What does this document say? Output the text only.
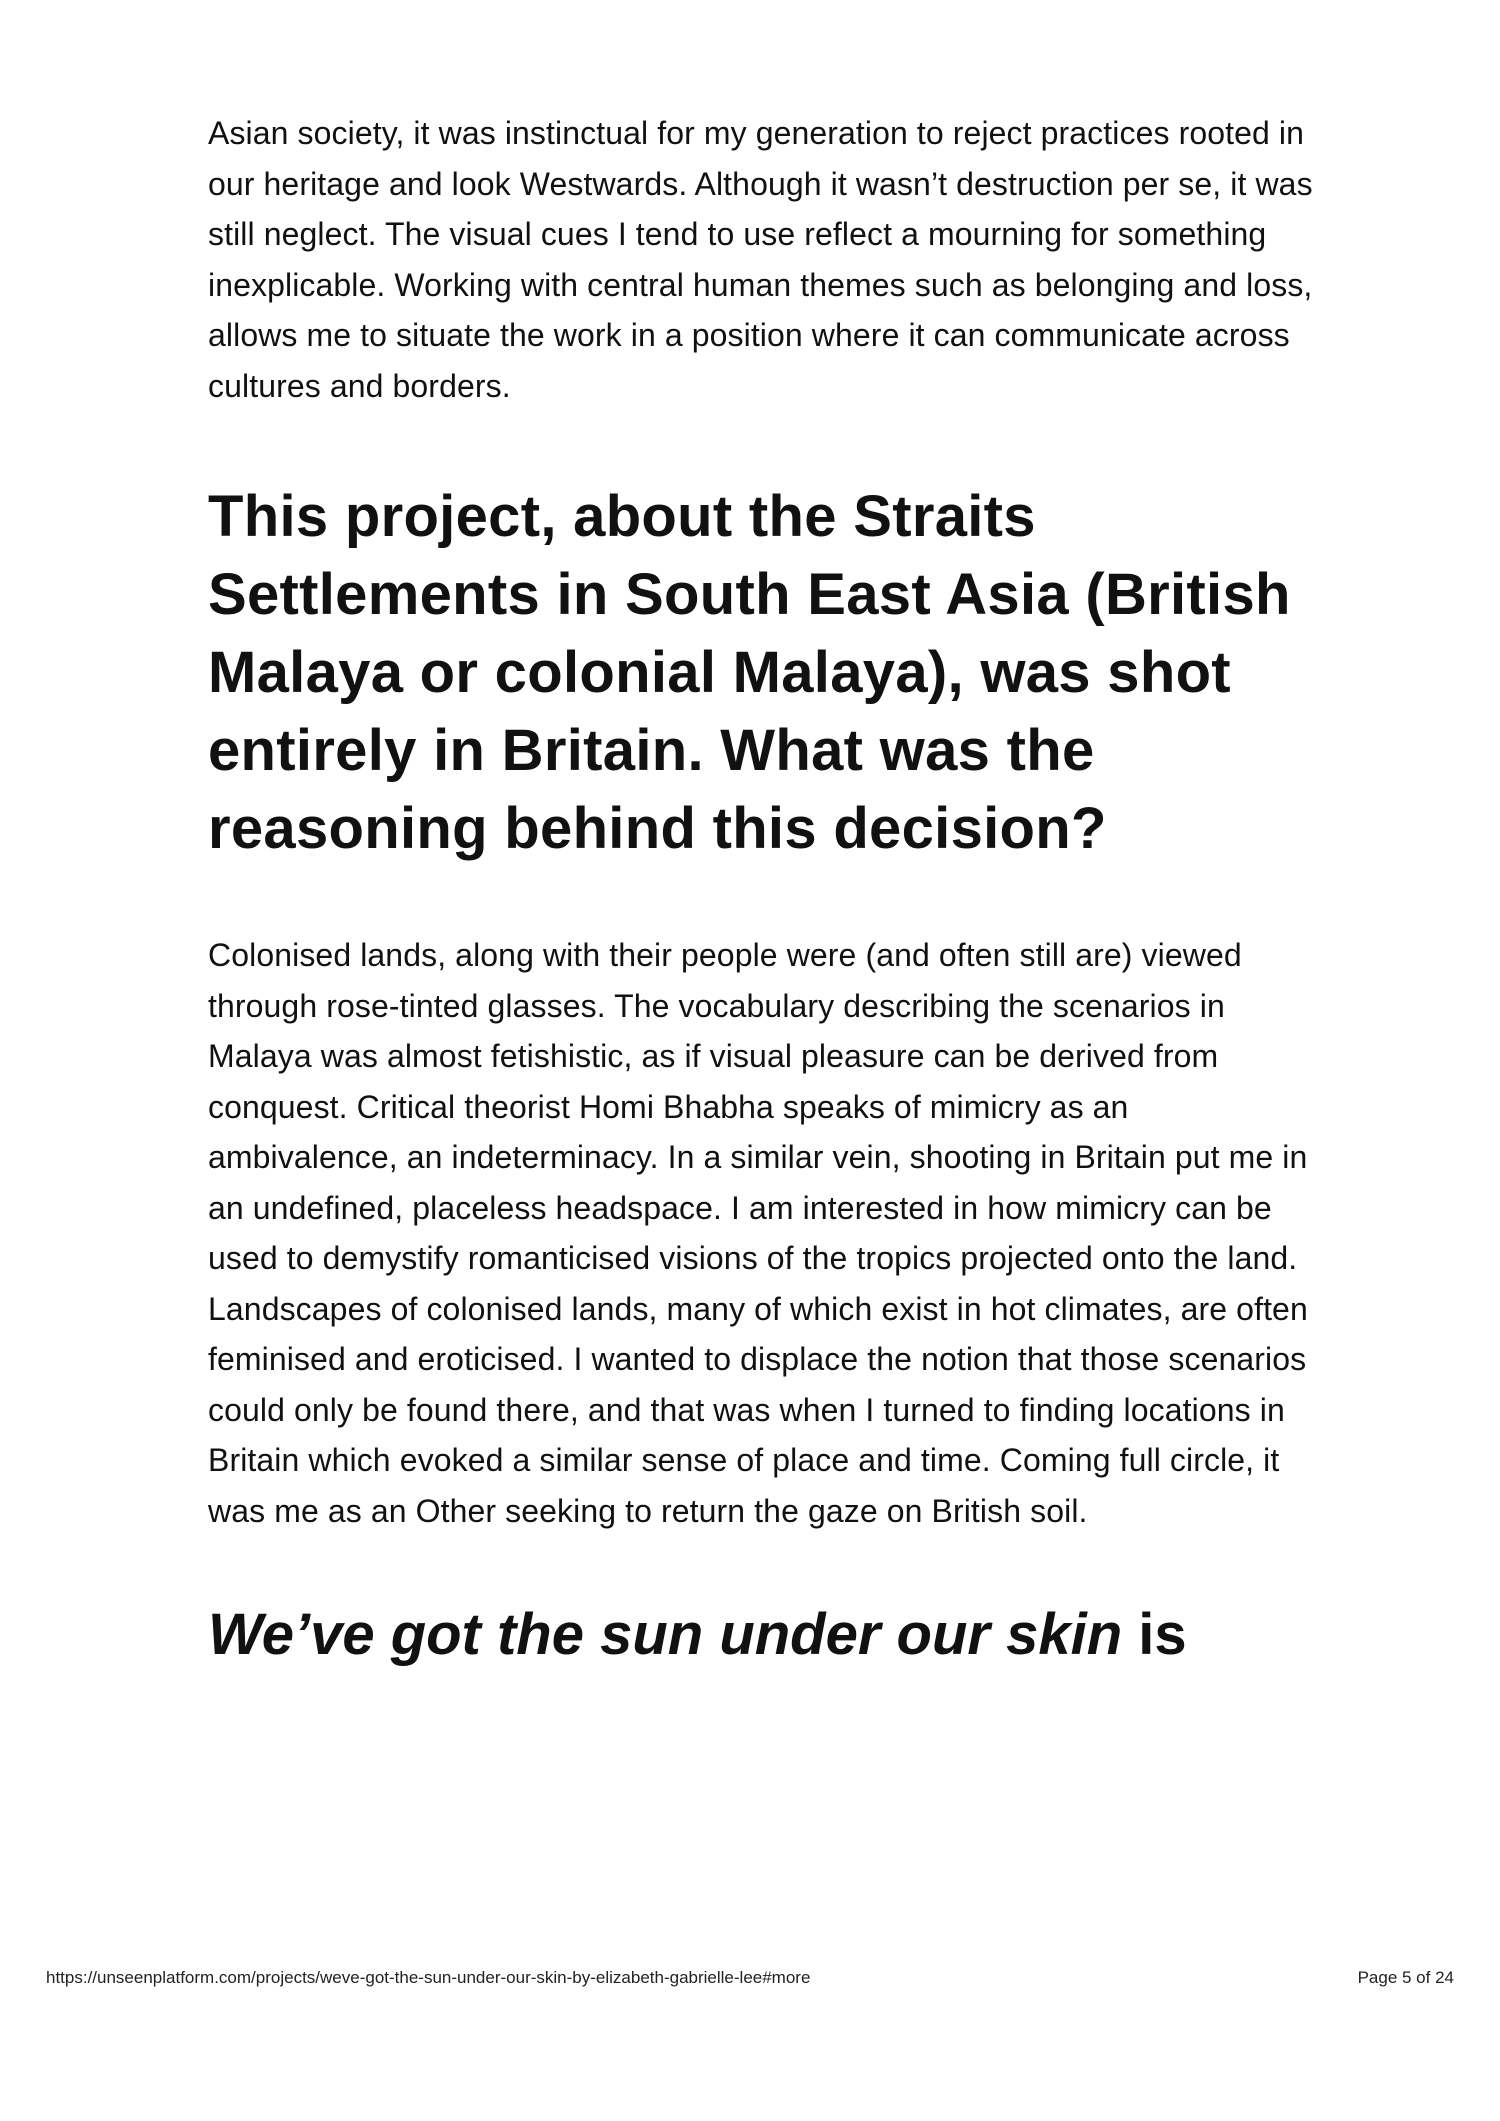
Asian society, it was instinctual for my generation to reject practices rooted in our heritage and look Westwards. Although it wasn’t destruction per se, it was still neglect. The visual cues I tend to use reflect a mourning for something inexplicable. Working with central human themes such as belonging and loss, allows me to situate the work in a position where it can communicate across cultures and borders.

This project, about the Straits Settlements in South East Asia (British Malaya or colonial Malaya), was shot entirely in Britain. What was the reasoning behind this decision?

Colonised lands, along with their people were (and often still are) viewed through rose-tinted glasses. The vocabulary describing the scenarios in Malaya was almost fetishistic, as if visual pleasure can be derived from conquest. Critical theorist Homi Bhabha speaks of mimicry as an ambivalence, an indeterminacy. In a similar vein, shooting in Britain put me in an undefined, placeless headspace. I am interested in how mimicry can be used to demystify romanticised visions of the tropics projected onto the land. Landscapes of colonised lands, many of which exist in hot climates, are often feminised and eroticised. I wanted to displace the notion that those scenarios could only be found there, and that was when I turned to finding locations in Britain which evoked a similar sense of place and time. Coming full circle, it was me as an Other seeking to return the gaze on British soil.

We’ve got the sun under our skin is
https://unseenplatform.com/projects/weve-got-the-sun-under-our-skin-by-elizabeth-gabrielle-lee#more	Page 5 of 24
